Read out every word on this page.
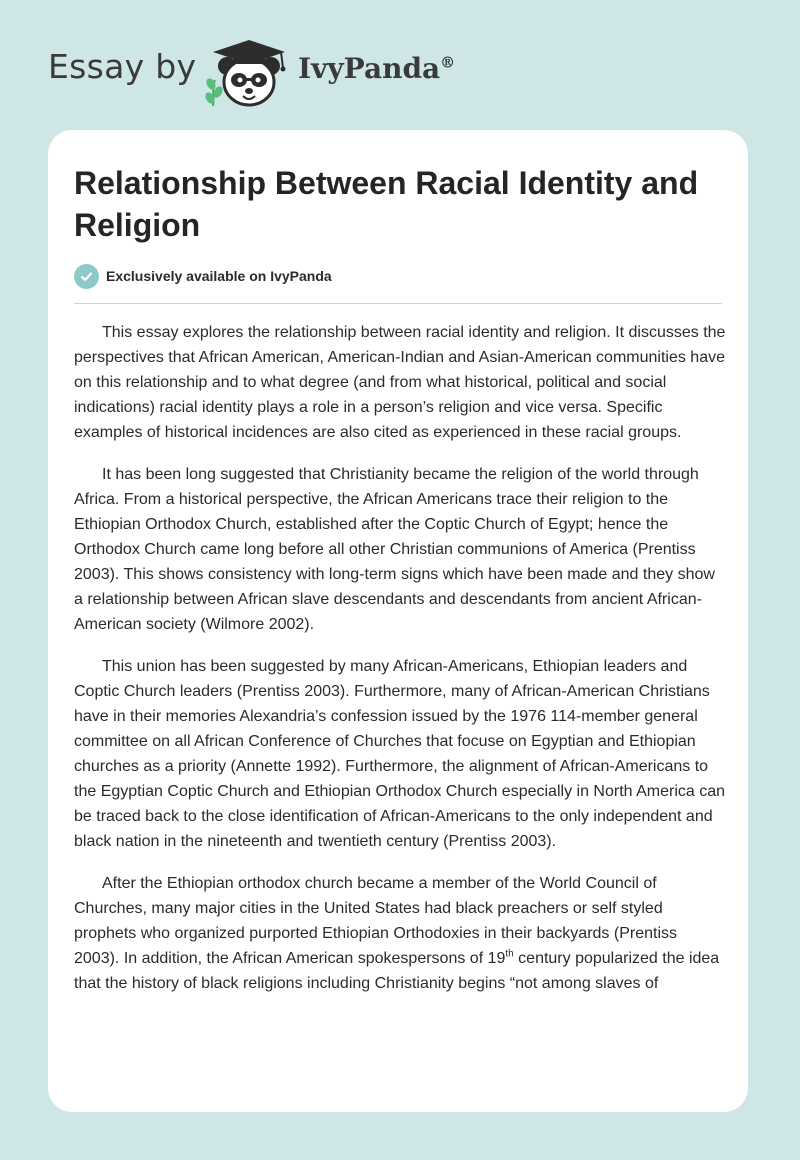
Essay by	IvyPanda®
Relationship Between Racial Identity and Religion
Exclusively available on IvyPanda

This essay explores the relationship between racial identity and religion. It discusses the perspectives that African American, American-Indian and Asian-American communities have on this relationship and to what degree (and from what historical, political and social indications) racial identity plays a role in a person’s religion and vice versa. Specific examples of historical incidences are also cited as experienced in these racial groups.

It has been long suggested that Christianity became the religion of the world through Africa. From a historical perspective, the African Americans trace their religion to the Ethiopian Orthodox Church, established after the Coptic Church of Egypt; hence the Orthodox Church came long before all other Christian communions of America (Prentiss 2003). This shows consistency with long-term signs which have been made and they show a relationship between African slave descendants and descendants from ancient African-American society (Wilmore 2002).

This union has been suggested by many African-Americans, Ethiopian leaders and Coptic Church leaders (Prentiss 2003). Furthermore, many of African-American Christians have in their memories Alexandria’s confession issued by the 1976 114-member general committee on all African Conference of Churches that focuse on Egyptian and Ethiopian churches as a priority (Annette 1992). Furthermore, the alignment of African-Americans to the Egyptian Coptic Church and Ethiopian Orthodox Church especially in North America can be traced back to the close identification of African-Americans to the only independent and black nation in the nineteenth and twentieth century (Prentiss 2003).

After the Ethiopian orthodox church became a member of the World Council of Churches, many major cities in the United States had black preachers or self styled prophets who organized purported Ethiopian Orthodoxies in their backyards (Prentiss 2003). In addition, the African American spokespersons of 19th century popularized the idea that the history of black religions including Christianity begins “not among slaves of
